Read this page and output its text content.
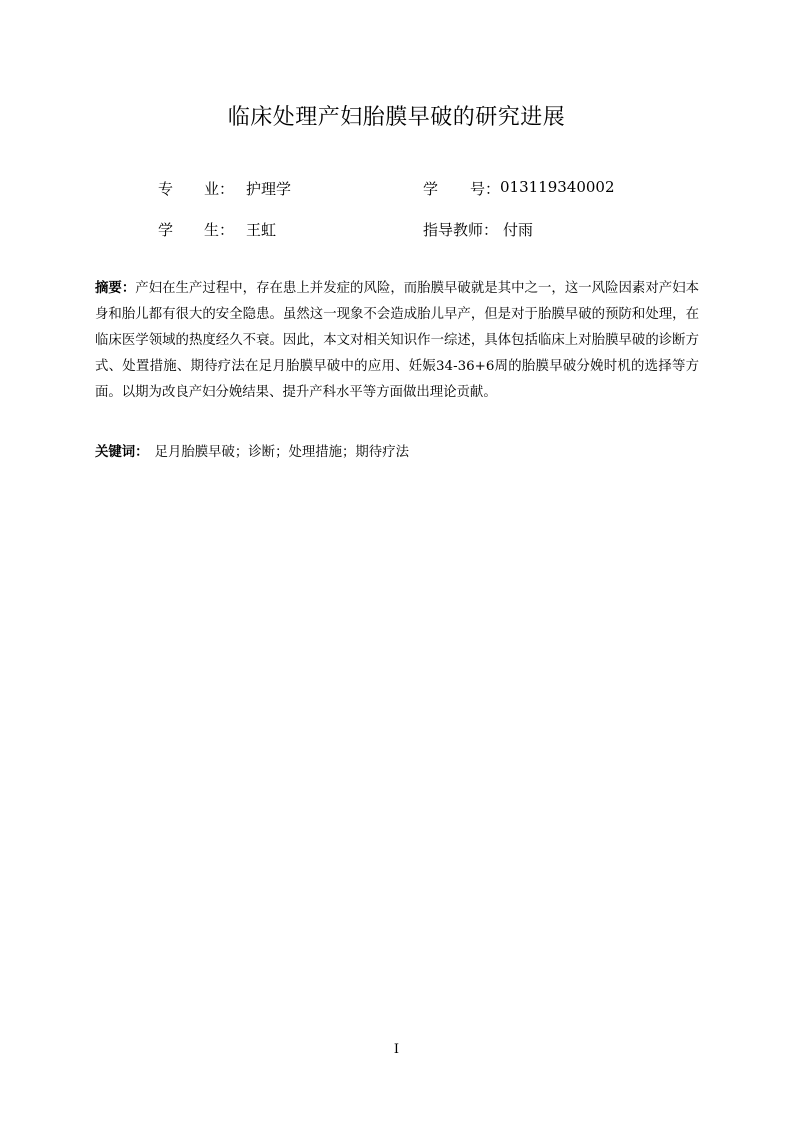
临床处理产妇胎膜早破的研究进展
专 业： 护理学	学 号： 013119340002
学 生： 王虹	指导教师： 付雨
摘要：产妇在生产过程中，存在患上并发症的风险，而胎膜早破就是其中之一，这一风险因素对产妇本身和胎儿都有很大的安全隐患。虽然这一现象不会造成胎儿早产，但是对于胎膜早破的预防和处理，在临床医学领域的热度经久不衰。因此，本文对相关知识作一综述，具体包括临床上对胎膜早破的诊断方式、处置措施、期待疗法在足月胎膜早破中的应用、妊娠34-36+6周的胎膜早破分娩时机的选择等方面。以期为改良产妇分娩结果、提升产科水平等方面做出理论贡献。
关键词： 足月胎膜早破；诊断；处理措施；期待疗法
I
